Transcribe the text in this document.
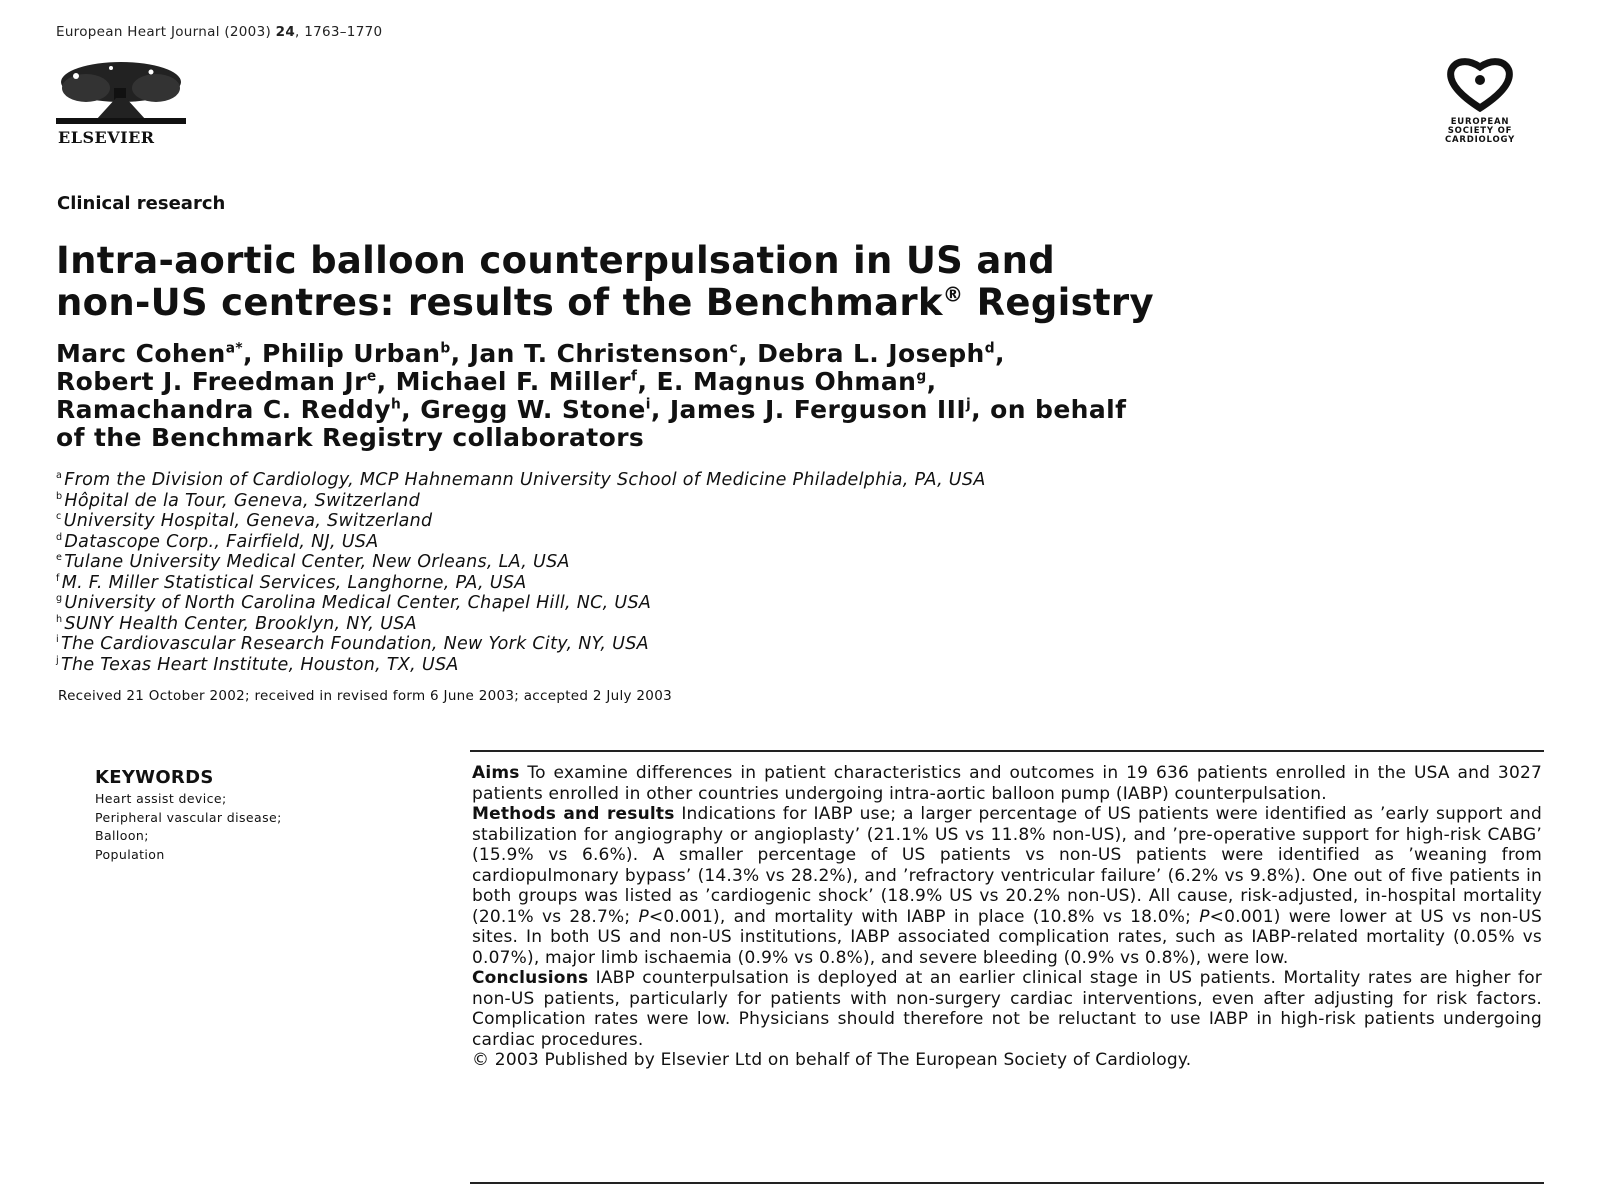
European Heart Journal (2003) 24, 1763–1770
ELSEVIER
EUROPEAN
SOCIETY OF
CARDIOLOGY
Clinical research
Intra-aortic balloon counterpulsation in US and
non-US centres: results of the Benchmark® Registry
Marc Cohen$^{a*}$, Philip Urban$^b$, Jan T. Christenson$^c$, Debra L. Joseph$^d$,
Robert J. Freedman Jr$^e$, Michael F. Miller$^f$, E. Magnus Ohman$^g$,
Ramachandra C. Reddy$^h$, Gregg W. Stone$^i$, James J. Ferguson III$^j$, on behalf
of the Benchmark Registry collaborators
$^a$ From the Division of Cardiology, MCP Hahnemann University School of Medicine Philadelphia, PA, USA
$^b$ Hôpital de la Tour, Geneva, Switzerland
$^c$ University Hospital, Geneva, Switzerland
$^d$ Datascope Corp., Fairfield, NJ, USA
$^e$ Tulane University Medical Center, New Orleans, LA, USA
$^f$ M. F. Miller Statistical Services, Langhorne, PA, USA
$^g$ University of North Carolina Medical Center, Chapel Hill, NC, USA
$^h$ SUNY Health Center, Brooklyn, NY, USA
$^i$ The Cardiovascular Research Foundation, New York City, NY, USA
$^j$ The Texas Heart Institute, Houston, TX, USA
Received 21 October 2002; received in revised form 6 June 2003; accepted 2 July 2003
KEYWORDS
Heart assist device;
Peripheral vascular disease;
Balloon;
Population

Aims To examine differences in patient characteristics and outcomes in 19 636 patients enrolled in the USA and 3027 patients enrolled in other countries undergoing intra-aortic balloon pump (IABP) counterpulsation.

Methods and results Indications for IABP use; a larger percentage of US patients were identified as ’early support and stabilization for angiography or angioplasty’ (21.1% US vs 11.8% non-US), and ’pre-operative support for high-risk CABG’ (15.9% vs 6.6%). A smaller percentage of US patients vs non-US patients were identified as ’weaning from cardiopulmonary bypass’ (14.3% vs 28.2%), and ’refractory ventricular failure’ (6.2% vs 9.8%). One out of five patients in both groups was listed as ’cardiogenic shock’ (18.9% US vs 20.2% non-US). All cause, risk-adjusted, in-hospital mortality (20.1% vs 28.7%; P<0.001), and mortality with IABP in place (10.8% vs 18.0%; P<0.001) were lower at US vs non-US sites. In both US and non-US institutions, IABP associated complication rates, such as IABP-related mortality (0.05% vs 0.07%), major limb ischaemia (0.9% vs 0.8%), and severe bleeding (0.9% vs 0.8%), were low.

Conclusions IABP counterpulsation is deployed at an earlier clinical stage in US patients. Mortality rates are higher for non-US patients, particularly for patients with non-surgery cardiac interventions, even after adjusting for risk factors. Complication rates were low. Physicians should therefore not be reluctant to use IABP in high-risk patients undergoing cardiac procedures.

© 2003 Published by Elsevier Ltd on behalf of The European Society of Cardiology.
